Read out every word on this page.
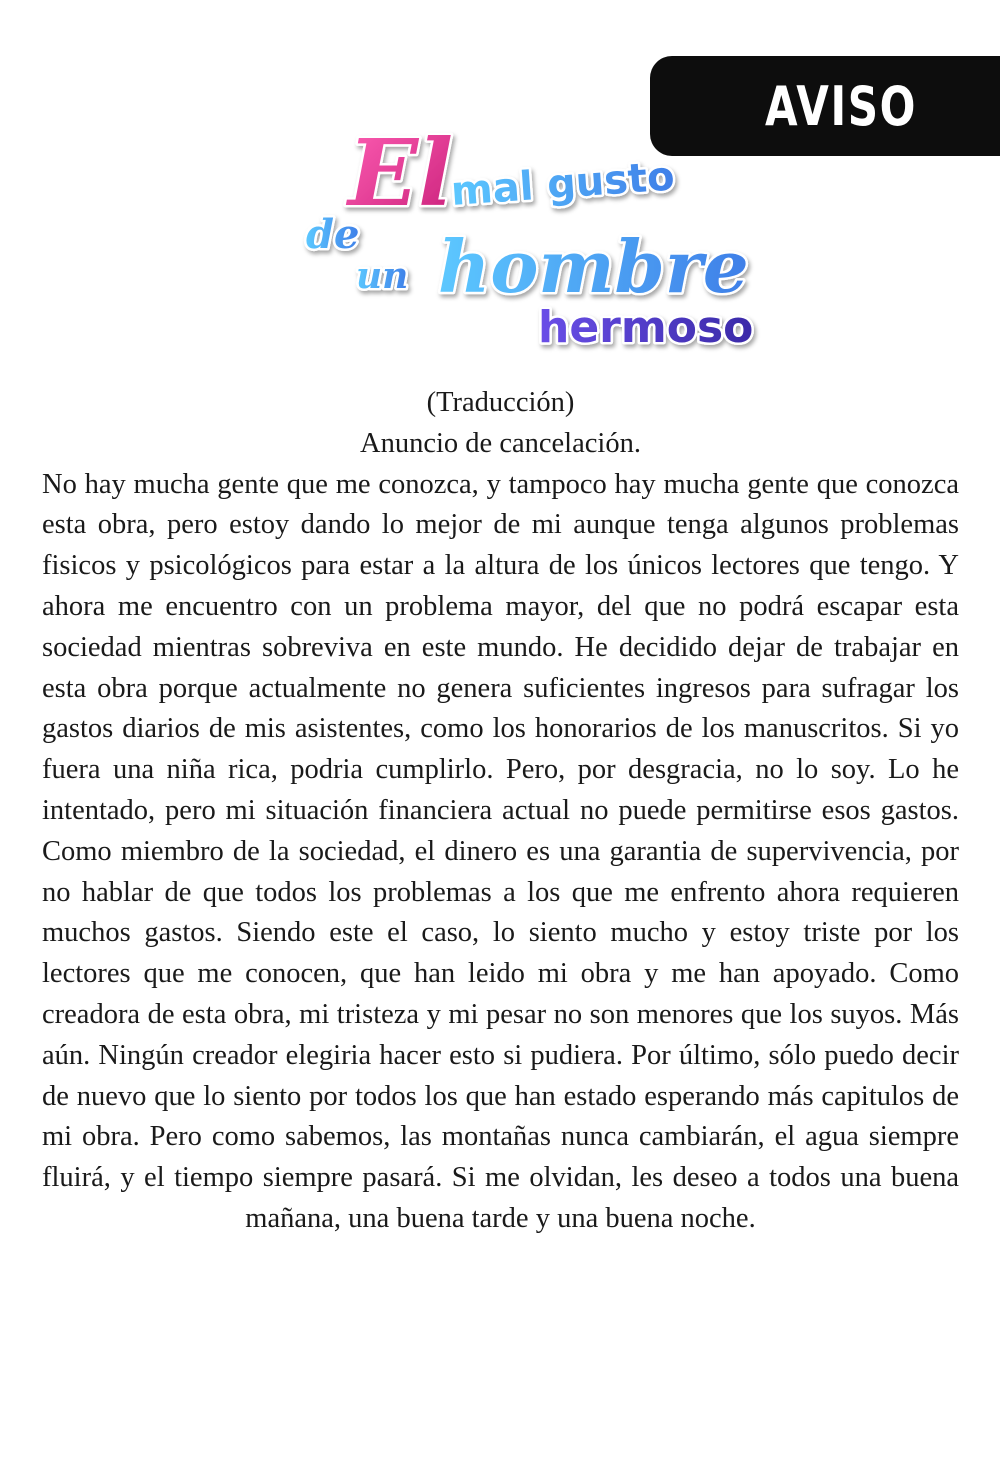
AVISO
El
mal gusto
de
un hombre
hermoso

(Traducción)

Anuncio de cancelación.

No hay mucha gente que me conozca, y tampoco hay mucha gente que conozca esta obra, pero estoy dando lo mejor de mi aunque tenga algunos problemas fisicos y psicológicos para estar a la altura de los únicos lectores que tengo. Y ahora me encuentro con un problema mayor, del que no podrá escapar esta sociedad mientras sobreviva en este mundo. He decidido dejar de trabajar en esta obra porque actualmente no genera suficientes ingresos para sufragar los gastos diarios de mis asistentes, como los honorarios de los manuscritos. Si yo fuera una niña rica, podria cumplirlo. Pero, por desgracia, no lo soy. Lo he intentado, pero mi situación financiera actual no puede permitirse esos gastos. Como miembro de la sociedad, el dinero es una garantia de supervivencia, por no hablar de que todos los problemas a los que me enfrento ahora requieren muchos gastos. Siendo este el caso, lo siento mucho y estoy triste por los lectores que me conocen, que han leido mi obra y me han apoyado. Como creadora de esta obra, mi tristeza y mi pesar no son menores que los suyos. Más aún. Ningún creador elegiria hacer esto si pudiera. Por último, sólo puedo decir de nuevo que lo siento por todos los que han estado esperando más capitulos de mi obra. Pero como sabemos, las montañas nunca cambiarán, el agua siempre fluirá, y el tiempo siempre pasará. Si me olvidan, les deseo a todos una buena mañana, una buena tarde y una buena noche.
